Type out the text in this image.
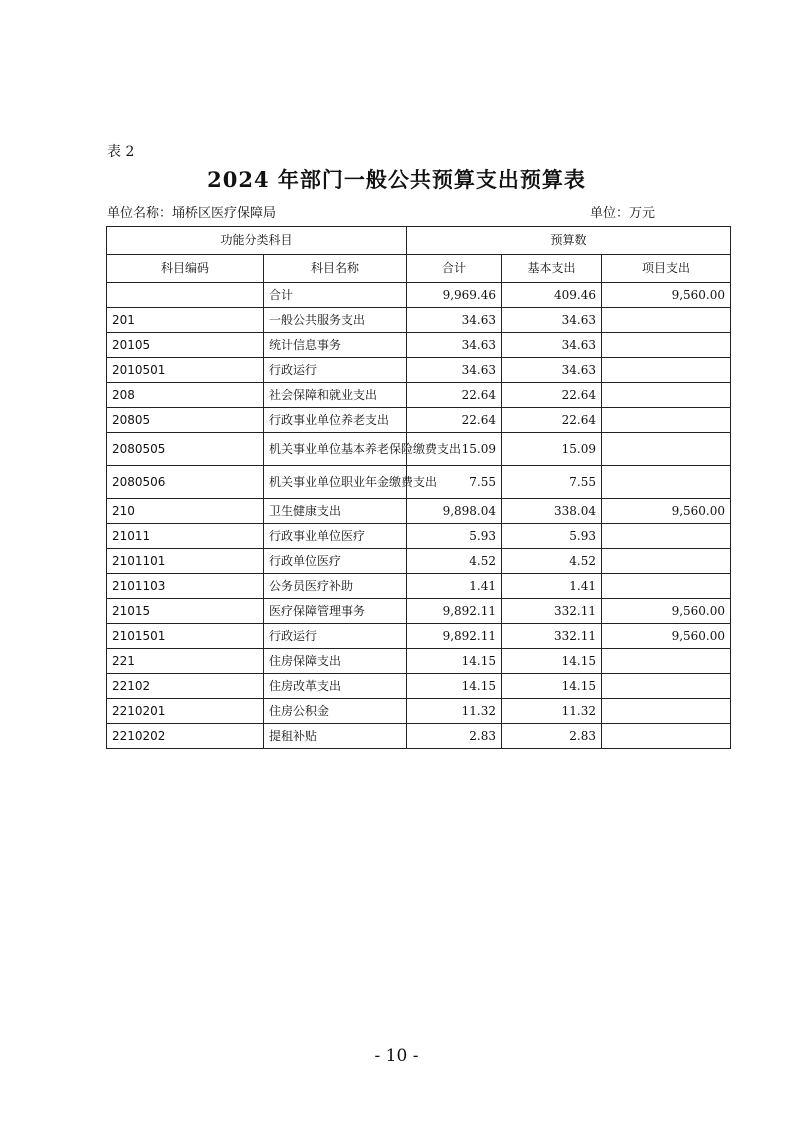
表 2
2024 年部门一般公共预算支出预算表
单位名称：埇桥区医疗保障局	单位：万元
功能分类科目		预算数		
科目编码	科目名称	合计	基本支出	项目支出
	合计	9,969.46	409.46	9,560.00
201	一般公共服务支出	34.63	34.63	
20105	统计信息事务	34.63	34.63	
2010501	行政运行	34.63	34.63	
208	社会保障和就业支出	22.64	22.64	
20805	行政事业单位养老支出	22.64	22.64	
2080505	机关事业单位基本养老保险缴费支出	15.09	15.09	
2080506	机关事业单位职业年金缴费支出	7.55	7.55	
210	卫生健康支出	9,898.04	338.04	9,560.00
21011	行政事业单位医疗	5.93	5.93	
2101101	行政单位医疗	4.52	4.52	
2101103	公务员医疗补助	1.41	1.41	
21015	医疗保障管理事务	9,892.11	332.11	9,560.00
2101501	行政运行	9,892.11	332.11	9,560.00
221	住房保障支出	14.15	14.15	
22102	住房改革支出	14.15	14.15	
2210201	住房公积金	11.32	11.32	
2210202	提租补贴	2.83	2.83	
- 10 -
